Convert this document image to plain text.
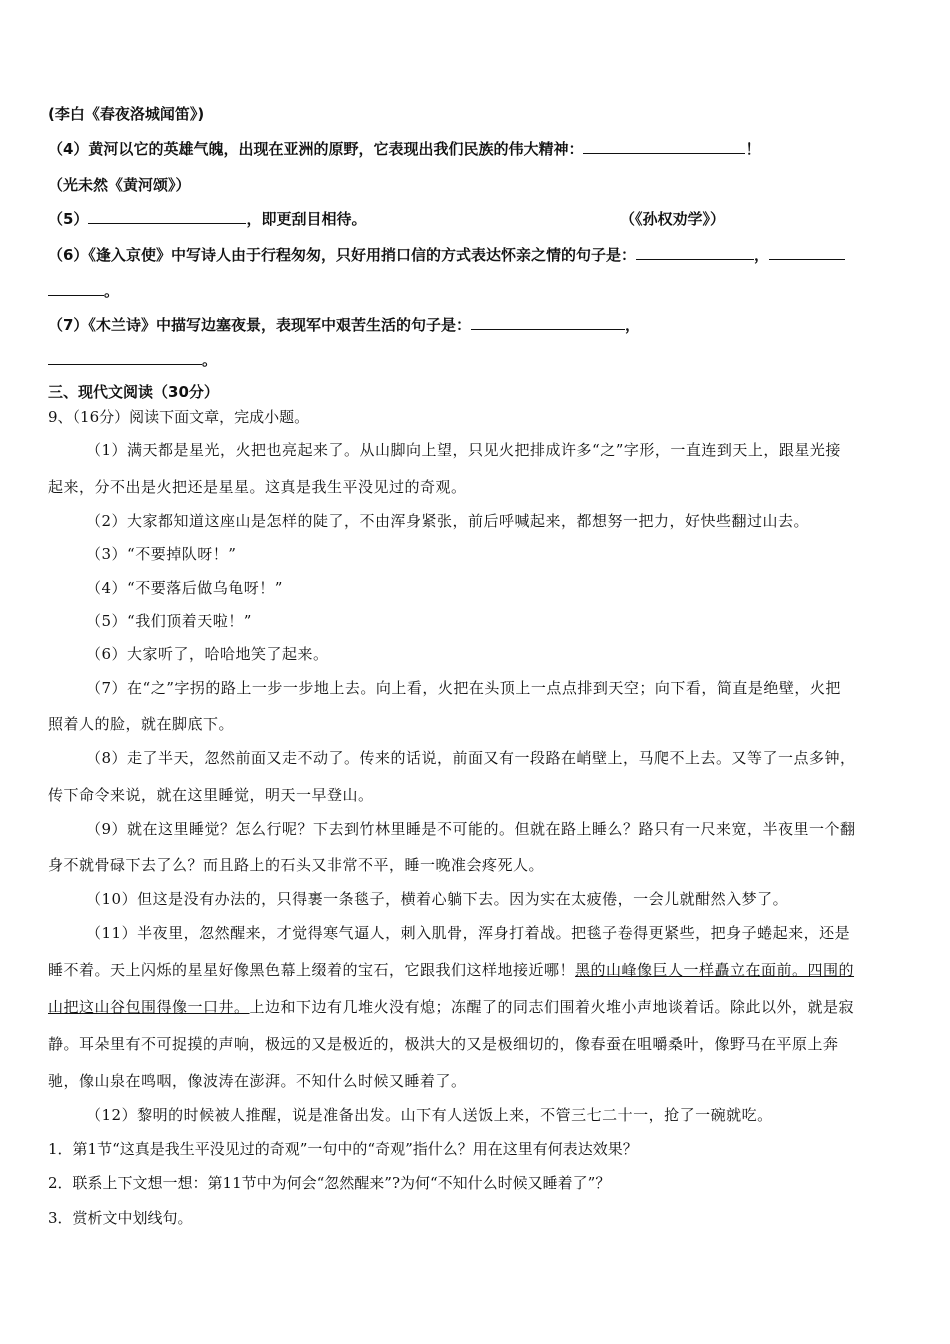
(李白《春夜洛城闻笛》)
（4）黄河以它的英雄气魄，出现在亚洲的原野，它表现出我们民族的伟大精神：	！
（光未然《黄河颂》）
（5）	，即更刮目相待。	（《孙权劝学》）
（6）《逢入京使》中写诗人由于行程匆匆，只好用捎口信的方式表达怀亲之情的句子是：	，
。
（7）《木兰诗》中描写边塞夜景，表现军中艰苦生活的句子是：	，
。
三、现代文阅读（30分）
9、（16分）阅读下面文章，完成小题。
（1）满天都是星光，火把也亮起来了。从山脚向上望，只见火把排成许多“之”字形，一直连到天上，跟星光接
起来，分不出是火把还是星星。这真是我生平没见过的奇观。
（2）大家都知道这座山是怎样的陡了，不由浑身紧张，前后呼喊起来，都想努一把力，好快些翻过山去。
（3）“不要掉队呀！”
（4）“不要落后做乌龟呀！”
（5）“我们顶着天啦！”
（6）大家听了，哈哈地笑了起来。
（7）在“之”字拐的路上一步一步地上去。向上看，火把在头顶上一点点排到天空；向下看，简直是绝壁，火把
照着人的脸，就在脚底下。
（8）走了半天，忽然前面又走不动了。传来的话说，前面又有一段路在峭壁上，马爬不上去。又等了一点多钟，
传下命令来说，就在这里睡觉，明天一早登山。
（9）就在这里睡觉？怎么行呢？下去到竹林里睡是不可能的。但就在路上睡么？路只有一尺来宽，半夜里一个翻
身不就骨碌下去了么？而且路上的石头又非常不平，睡一晚准会疼死人。
（10）但这是没有办法的，只得裹一条毯子，横着心躺下去。因为实在太疲倦，一会儿就酣然入梦了。
（11）半夜里，忽然醒来，才觉得寒气逼人，刺入肌骨，浑身打着战。把毯子卷得更紧些，把身子蜷起来，还是
睡不着。天上闪烁的星星好像黑色幕上缀着的宝石，它跟我们这样地接近哪！黑的山峰像巨人一样矗立在面前。四围的
山把这山谷包围得像一口井。上边和下边有几堆火没有熄；冻醒了的同志们围着火堆小声地谈着话。除此以外，就是寂
静。耳朵里有不可捉摸的声响，极远的又是极近的，极洪大的又是极细切的，像春蚕在咀嚼桑叶，像野马在平原上奔
驰，像山泉在鸣咽，像波涛在澎湃。不知什么时候又睡着了。
（12）黎明的时候被人推醒，说是准备出发。山下有人送饭上来，不管三七二十一，抢了一碗就吃。
1．第1节“这真是我生平没见过的奇观”一句中的“奇观”指什么？用在这里有何表达效果？
2．联系上下文想一想：第11节中为何会“忽然醒来”?为何“不知什么时候又睡着了”？
3．赏析文中划线句。
